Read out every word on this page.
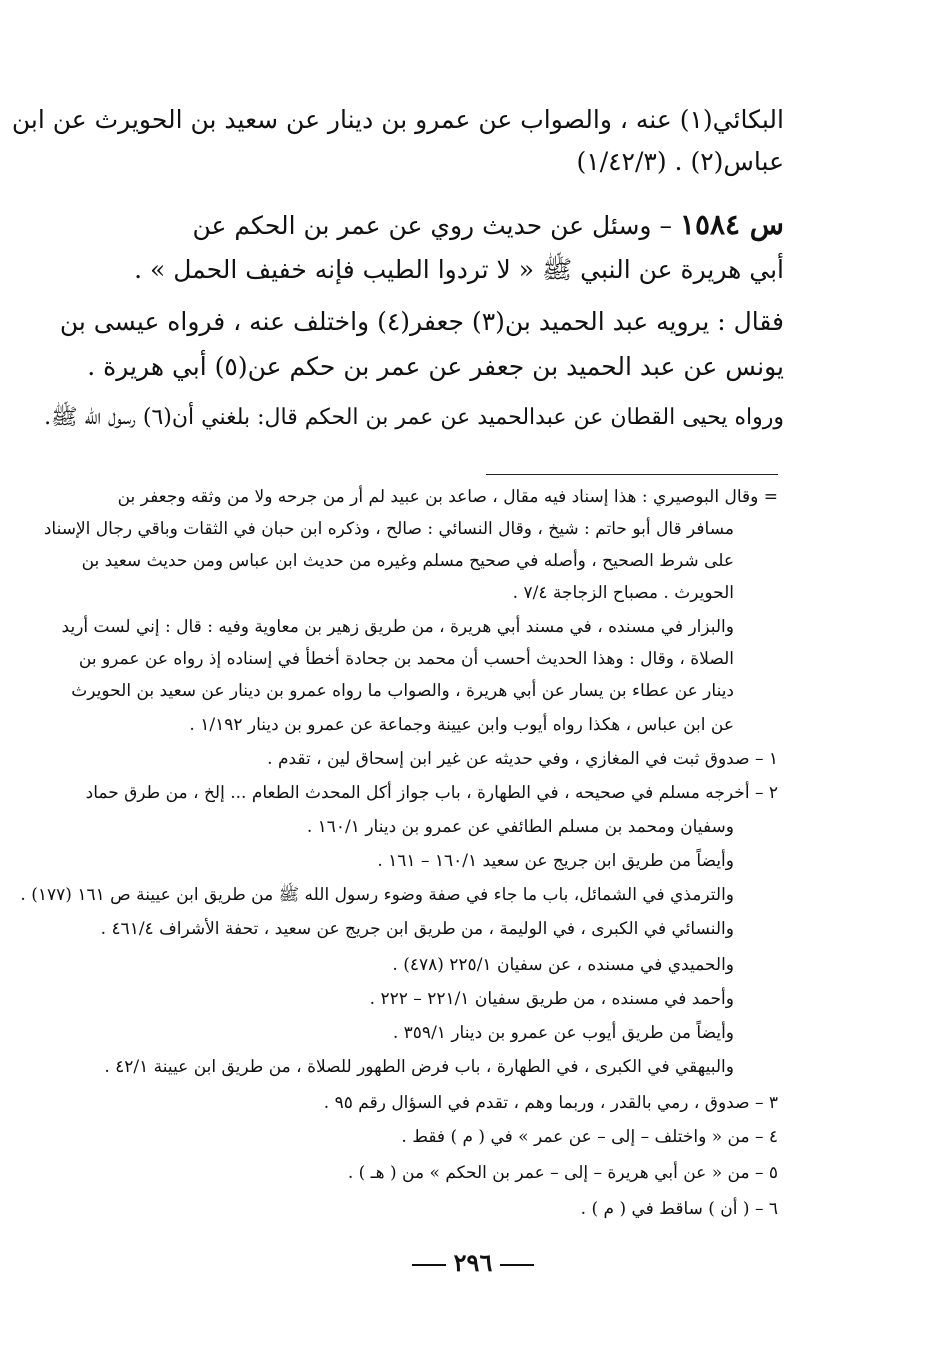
البكائي(١) عنه ، والصواب عن عمرو بن دينار عن سعيد بن الحويرث عن ابن
عباس(٢) . (١/٤٢/٣)
س ١٥٨٤ – وسئل عن حديث روي عن عمر بن الحكم عن
أبي هريرة عن النبي ﷺ « لا تردوا الطيب فإنه خفيف الحمل » .
فقال : يرويه عبد الحميد بن(٣) جعفر(٤) واختلف عنه ، فرواه عيسى بن
يونس عن عبد الحميد بن جعفر عن عمر بن حكم عن(٥) أبي هريرة .
ورواه يحيى القطان عن عبدالحميد عن عمر بن الحكم قال: بلغني أن(٦) رسول الله ﷺ.
= وقال البوصيري : هذا إسناد فيه مقال ، صاعد بن عبيد لم أر من جرحه ولا من وثقه وجعفر بن
مسافر قال أبو حاتم : شيخ ، وقال النسائي : صالح ، وذكره ابن حبان في الثقات وباقي رجال الإسناد
على شرط الصحيح ، وأصله في صحيح مسلم وغيره من حديث ابن عباس ومن حديث سعيد بن
الحويرث . مصباح الزجاجة ٧/٤ .
والبزار في مسنده ، في مسند أبي هريرة ، من طريق زهير بن معاوية وفيه : قال : إني لست أريد
الصلاة ، وقال : وهذا الحديث أحسب أن محمد بن جحادة أخطأ في إسناده إذ رواه عن عمرو بن
دينار عن عطاء بن يسار عن أبي هريرة ، والصواب ما رواه عمرو بن دينار عن سعيد بن الحويرث
عن ابن عباس ، هكذا رواه أيوب وابن عيينة وجماعة عن عمرو بن دينار ١/١٩٢ .
١ – صدوق ثبت في المغازي ، وفي حديثه عن غير ابن إسحاق لين ، تقدم .
٢ – أخرجه مسلم في صحيحه ، في الطهارة ، باب جواز أكل المحدث الطعام ... إلخ ، من طرق حماد
وسفيان ومحمد بن مسلم الطائفي عن عمرو بن دينار ١٦٠/١ .
وأيضاً من طريق ابن جريج عن سعيد ١٦٠/١ – ١٦١ .
والترمذي في الشمائل، باب ما جاء في صفة وضوء رسول الله ﷺ من طريق ابن عيينة ص ١٦١ (١٧٧) .
والنسائي في الكبرى ، في الوليمة ، من طريق ابن جريج عن سعيد ، تحفة الأشراف ٤٦١/٤ .
والحميدي في مسنده ، عن سفيان ٢٢٥/١ (٤٧٨) .
وأحمد في مسنده ، من طريق سفيان ٢٢١/١ – ٢٢٢ .
وأيضاً من طريق أيوب عن عمرو بن دينار ٣٥٩/١ .
والبيهقي في الكبرى ، في الطهارة ، باب فرض الطهور للصلاة ، من طريق ابن عيينة ٤٢/١ .
٣ – صدوق ، رمي بالقدر ، وربما وهم ، تقدم في السؤال رقم ٩٥ .
٤ – من « واختلف – إلى – عن عمر » في ( م ) فقط .
٥ – من « عن أبي هريرة – إلى – عمر بن الحكم » من ( هـ ) .
٦ – ( أن ) ساقط في ( م ) .
٢٩٦
